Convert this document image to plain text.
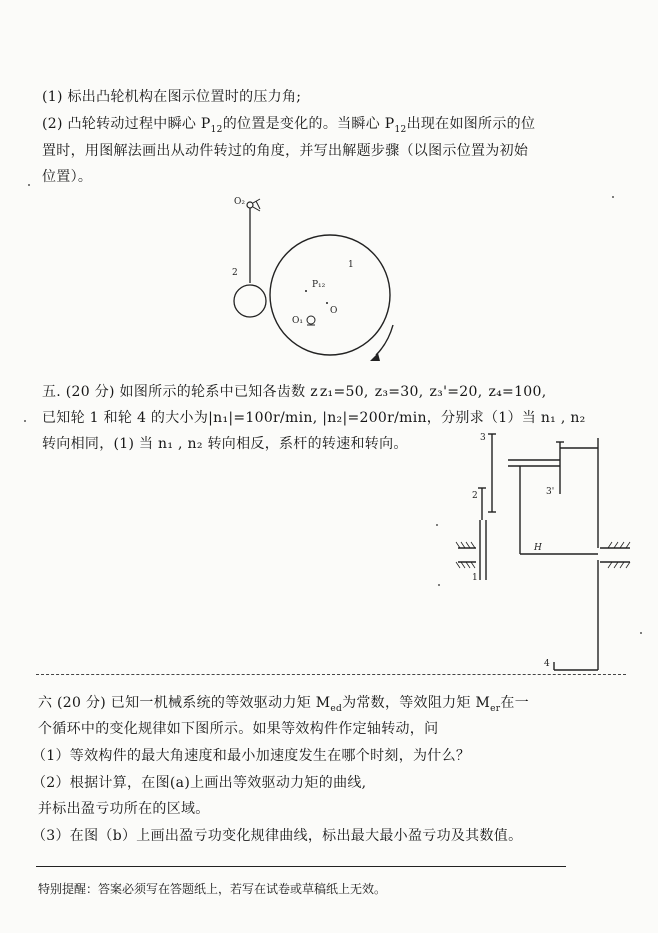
(1) 标出凸轮机构在图示位置时的压力角;
(2) 凸轮转动过程中瞬心 $P_{12}$的位置是变化的。当瞬心 $P_{12}$出现在如图所示的位
置时，用图解法画出从动件转过的角度，并写出解题步骤（以图示位置为初始
位置）。
O₂
2
1
P₁₂
O
O₁
五. (20 分) 如图所示的轮系中已知各齿数 z z₁=50, z₃=30, z₃'=20, z₄=100,
已知轮 1 和轮 4 的大小为|n₁|=100r/min, |n₂|=200r/min，分别求（1）当 n₁ , n₂
转向相同，(1) 当 n₁ , n₂ 转向相反，系杆的转速和转向。	3
3'
2
1
H
4
六 (20 分) 已知一机械系统的等效驱动力矩 $M_{ed}$为常数，等效阻力矩 $M_{er}$在一
个循环中的变化规律如下图所示。如果等效构件作定轴转动，问
（1）等效构件的最大角速度和最小加速度发生在哪个时刻，为什么？
（2）根据计算，在图(a)上画出等效驱动力矩的曲线,
并标出盈亏功所在的区域。
（3）在图（b）上画出盈亏功变化规律曲线，标出最大最小盈亏功及其数值。
特别提醒：答案必须写在答题纸上，若写在试卷或草稿纸上无效。
